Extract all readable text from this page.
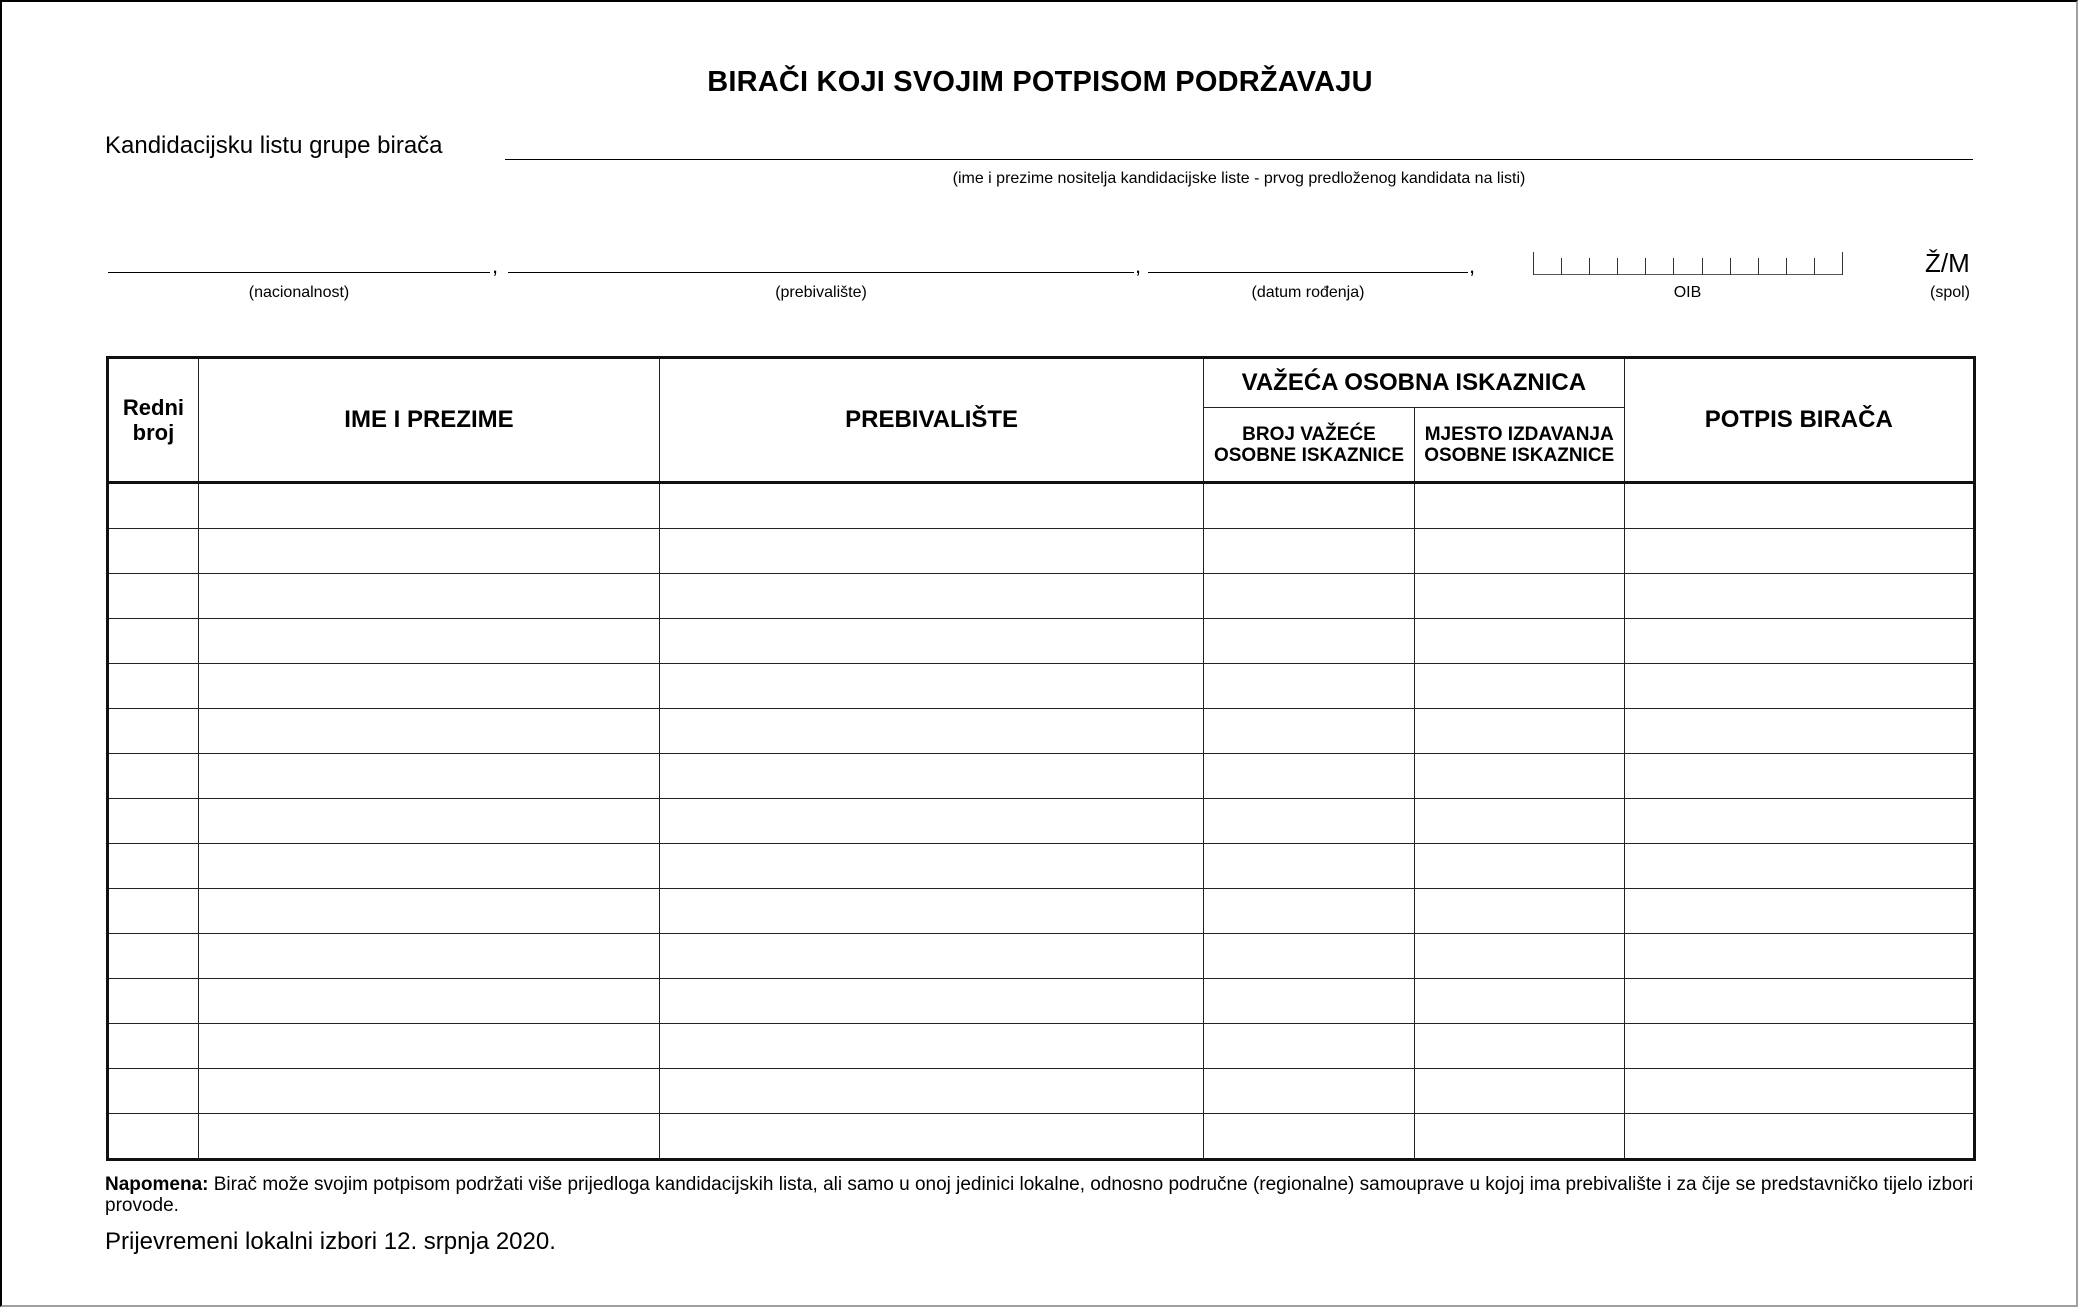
BIRAČI KOJI SVOJIM POTPISOM PODRŽAVAJU
Kandidacijsku listu grupe birača
(ime i prezime nositelja kandidacijske liste - prvog predloženog kandidata na listi)
,
(nacionalnost)
,
(prebivalište)
,
(datum rođenja)	OIB
Ž/M
(spol)
Redni broj	IME I PREZIME	PREBIVALIŠTE	VAŽEĆA OSOBNA ISKAZNICA		POTPIS BIRAČA
			BROJ VAŽEĆE OSOBNE ISKAZNICE	MJESTO IZDAVANJA OSOBNE ISKAZNICE	

Napomena: Birač može svojim potpisom podržati više prijedloga kandidacijskih lista, ali samo u onoj jedinici lokalne, odnosno područne (regionalne) samouprave u kojoj ima prebivalište i za čije se predstavničko tijelo izbori provode.
Prijevremeni lokalni izbori 12. srpnja 2020.
